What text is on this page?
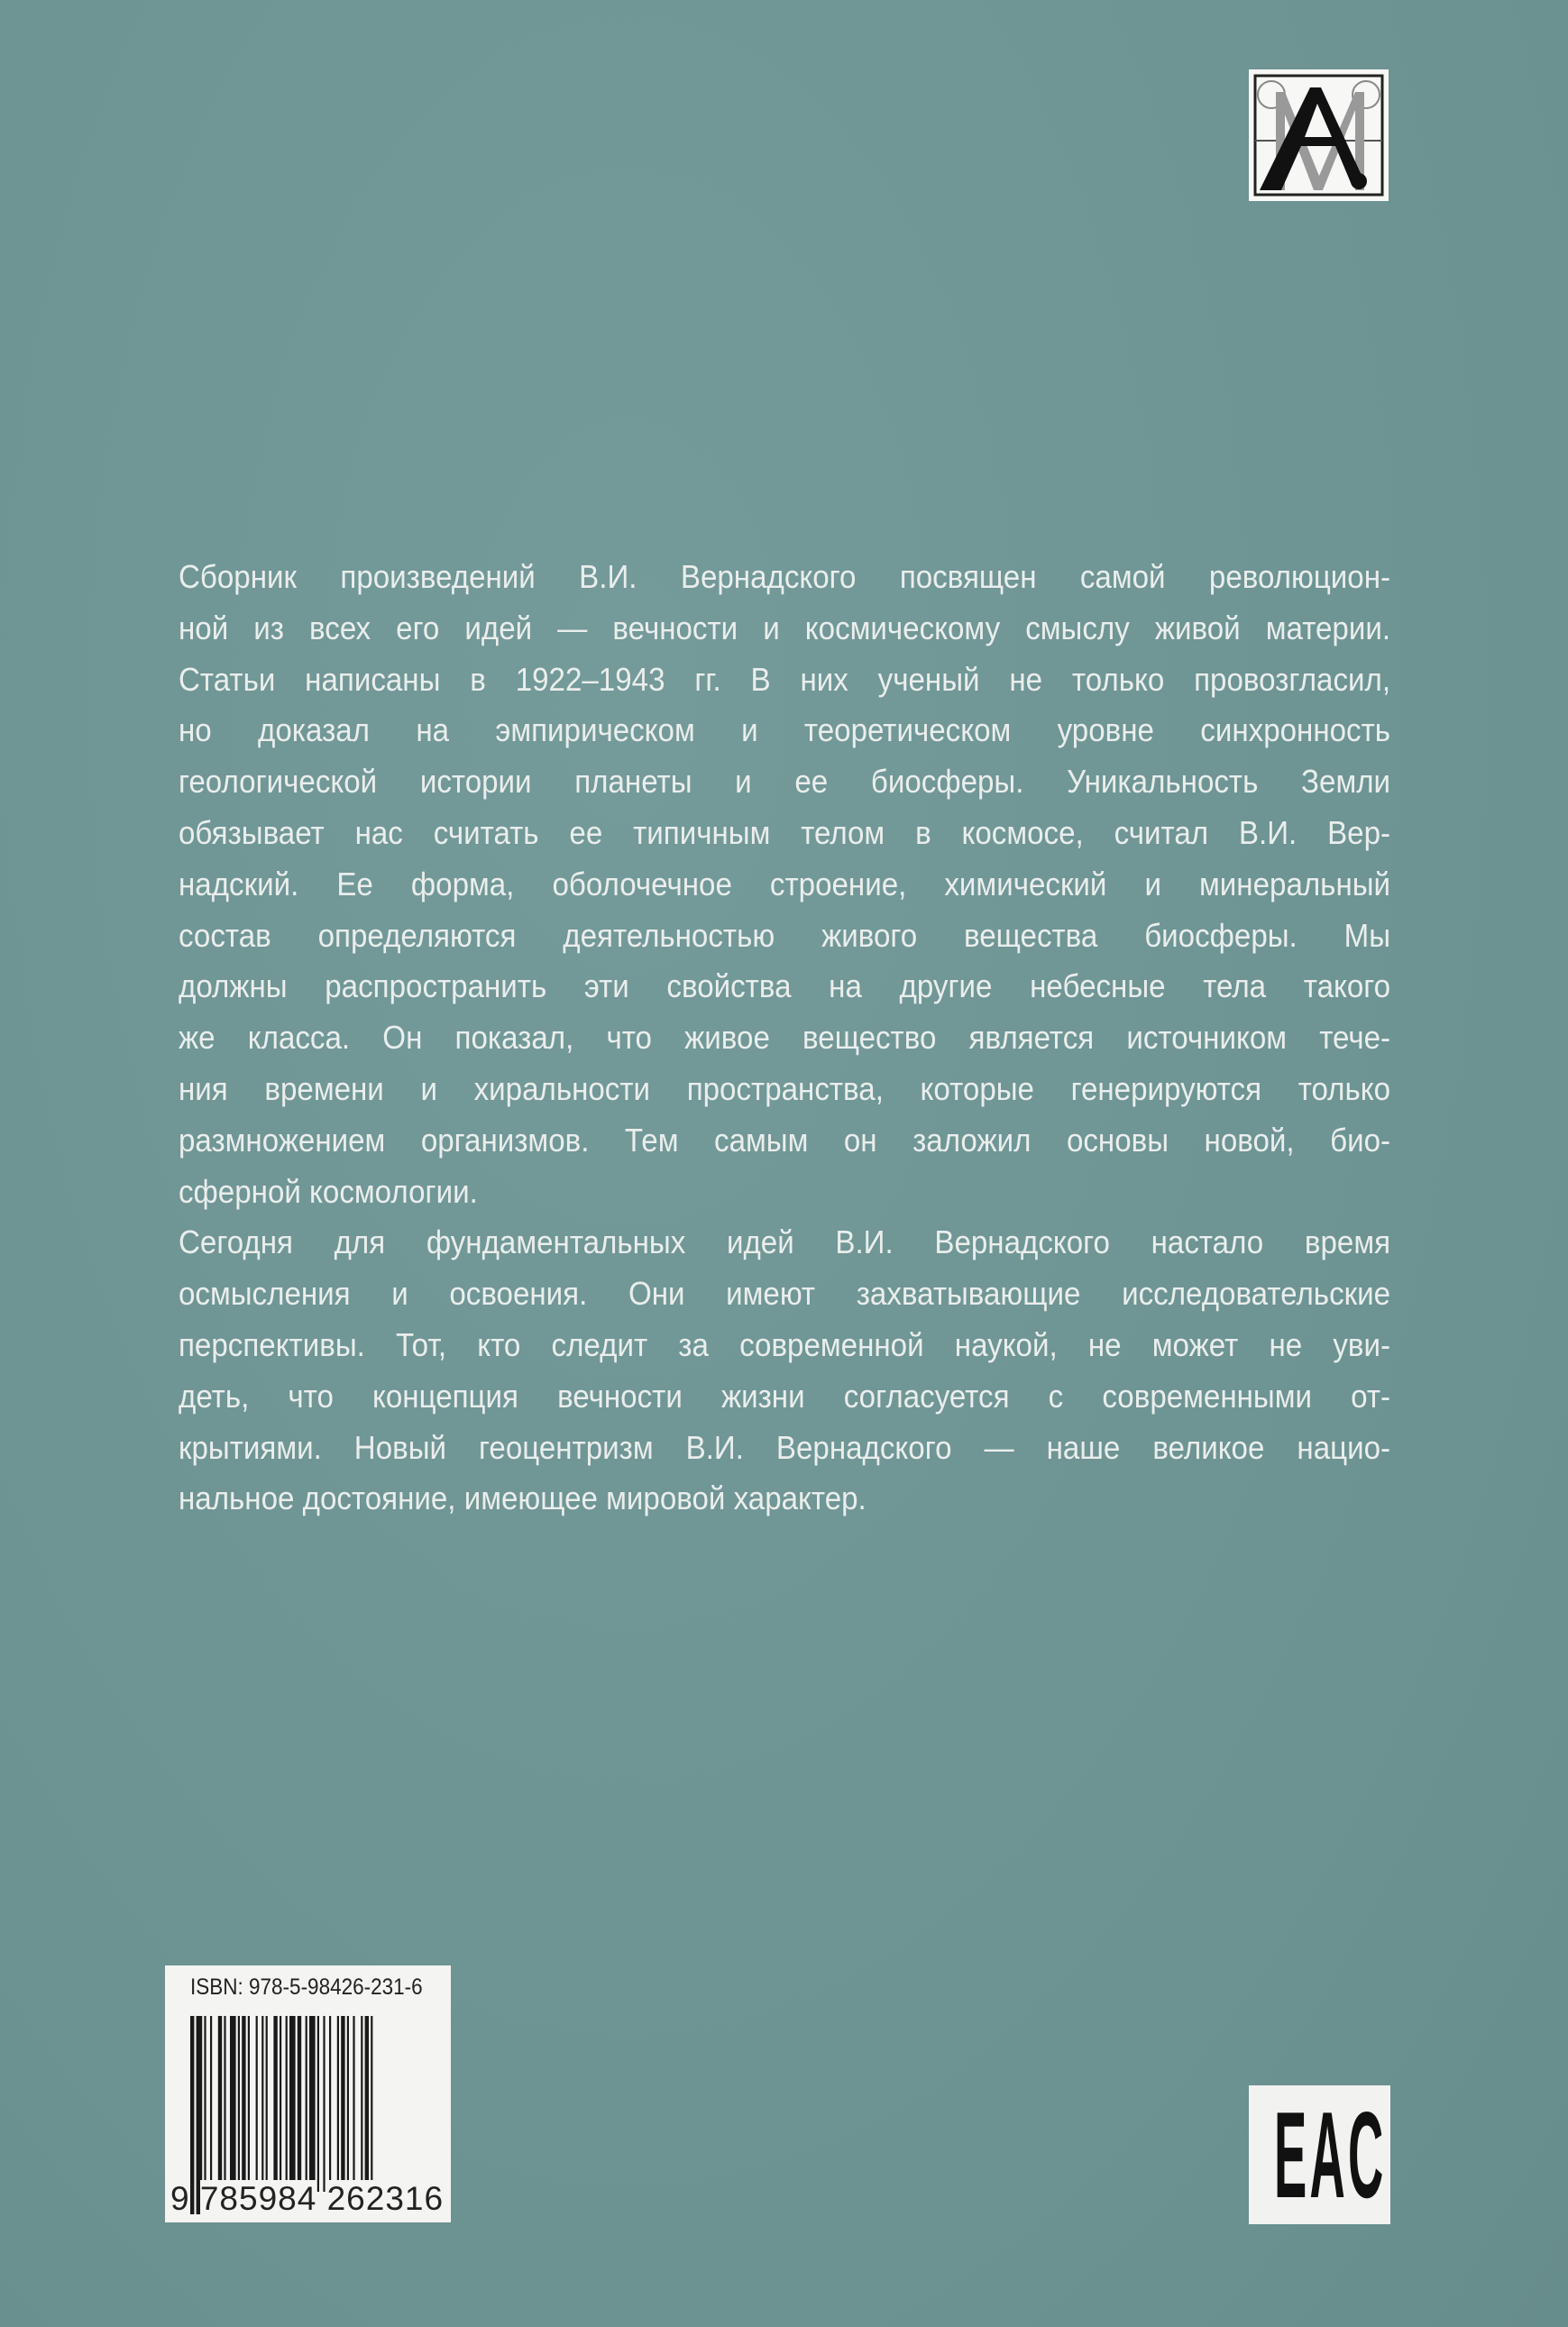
Сборник произведений В.И. Вернадского посвящен самой революцион-
ной из всех его идей — вечности и космическому смыслу живой материи.
Статьи написаны в 1922–1943 гг. В них ученый не только провозгласил,
но доказал на эмпирическом и теоретическом уровне синхронность
геологической истории планеты и ее биосферы. Уникальность Земли
обязывает нас считать ее типичным телом в космосе, считал В.И. Вер-
надский. Ее форма, оболочечное строение, химический и минеральный
состав определяются деятельностью живого вещества биосферы. Мы
должны распространить эти свойства на другие небесные тела такого
же класса. Он показал, что живое вещество является источником тече-
ния времени и хиральности пространства, которые генерируются только
размножением организмов. Тем самым он заложил основы новой, био-
сферной космологии.
Сегодня для фундаментальных идей В.И. Вернадского настало время
осмысления и освоения. Они имеют захватывающие исследовательские
перспективы. Тот, кто следит за современной наукой, не может не уви-
деть, что концепция вечности жизни согласуется с современными от-
крытиями. Новый геоцентризм В.И. Вернадского — наше великое нацио-
нальное достояние, имеющее мировой характер.
ISBN: 978-5-98426-231-6
9 785984 262316	EAC
